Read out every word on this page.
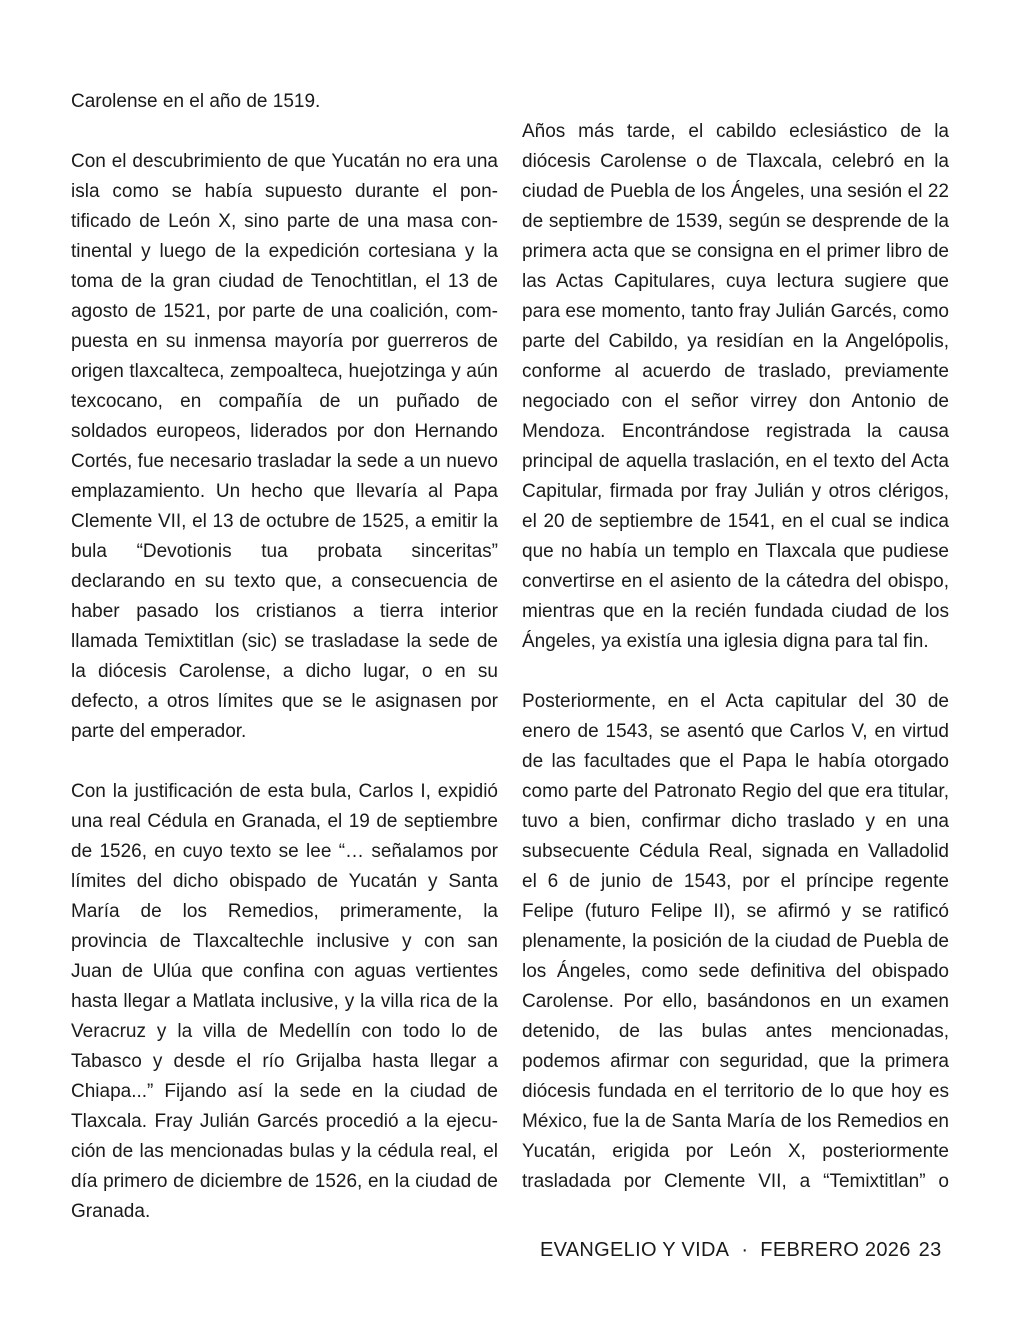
Carolense en el año de 1519.

Con el descubrimiento de que Yucatán no era una isla como se había supuesto durante el pontificado de León X, sino parte de una masa continental y luego de la expedición cortesiana y la toma de la gran ciudad de Tenochtitlan, el 13 de agosto de 1521, por parte de una coalición, compuesta en su inmensa mayoría por guerreros de origen tlaxcalteca, zempoalteca, huejotzinga y aún texcocano, en compañía de un puñado de soldados europeos, liderados por don Hernando Cortés, fue necesario trasladar la sede a un nuevo emplazamiento. Un hecho que llevaría al Papa Clemente VII, el 13 de octubre de 1525, a emitir la bula “Devotionis tua probata sinceritas” declarando en su texto que, a consecuencia de haber pasado los cristianos a tierra interior llamada Temixtitlan (sic) se trasladase la sede de la diócesis Carolense, a dicho lugar, o en su defecto, a otros límites que se le asignasen por parte del emperador.

Con la justificación de esta bula, Carlos I, expidió una real Cédula en Granada, el 19 de septiembre de 1526, en cuyo texto se lee “… señalamos por límites del dicho obispado de Yucatán y Santa María de los Remedios, primeramente, la provincia de Tlaxcaltechle inclusive y con san Juan de Ulúa que confina con aguas vertientes hasta llegar a Matlata inclusive, y la villa rica de la Veracruz y la villa de Medellín con todo lo de Tabasco y desde el río Grijalba hasta llegar a Chiapa...” Fijando así la sede en la ciudad de Tlaxcala. Fray Julián Garcés procedió a la ejecución de las mencionadas bulas y la cédula real, el día primero de diciembre de 1526, en la ciudad de Granada.

Años más tarde, el cabildo eclesiástico de la diócesis Carolense o de Tlaxcala, celebró en la ciudad de Puebla de los Ángeles, una sesión el 22 de septiembre de 1539, según se desprende de la primera acta que se consigna en el primer libro de las Actas Capitulares, cuya lectura sugiere que para ese momento, tanto fray Julián Garcés, como parte del Cabildo, ya residían en la Angelópolis, conforme al acuerdo de traslado, previamente negociado con el señor virrey don Antonio de Mendoza. Encontrándose registrada la causa principal de aquella traslación, en el texto del Acta Capitular, firmada por fray Julián y otros clérigos, el 20 de septiembre de 1541, en el cual se indica que no había un templo en Tlaxcala que pudiese convertirse en el asiento de la cátedra del obispo, mientras que en la recién fundada ciudad de los Ángeles, ya existía una iglesia digna para tal fin.

Posteriormente, en el Acta capitular del 30 de enero de 1543, se asentó que Carlos V, en virtud de las facultades que el Papa le había otorgado como parte del Patronato Regio del que era titular, tuvo a bien, confirmar dicho traslado y en una subsecuente Cédula Real, signada en Valladolid el 6 de junio de 1543, por el príncipe regente Felipe (futuro Felipe II), se afirmó y se ratificó plenamente, la posición de la ciudad de Puebla de los Ángeles, como sede definitiva del obispado Carolense. Por ello, basándonos en un examen detenido, de las bulas antes mencionadas, podemos afirmar con seguridad, que la primera diócesis fundada en el territorio de lo que hoy es México, fue la de Santa María de los Remedios en Yucatán, erigida por León X, posteriormente trasladada por Clemente VII, a “Temixtitlan” o

EVANGELIO Y VIDA · FEBRERO 2026 23
